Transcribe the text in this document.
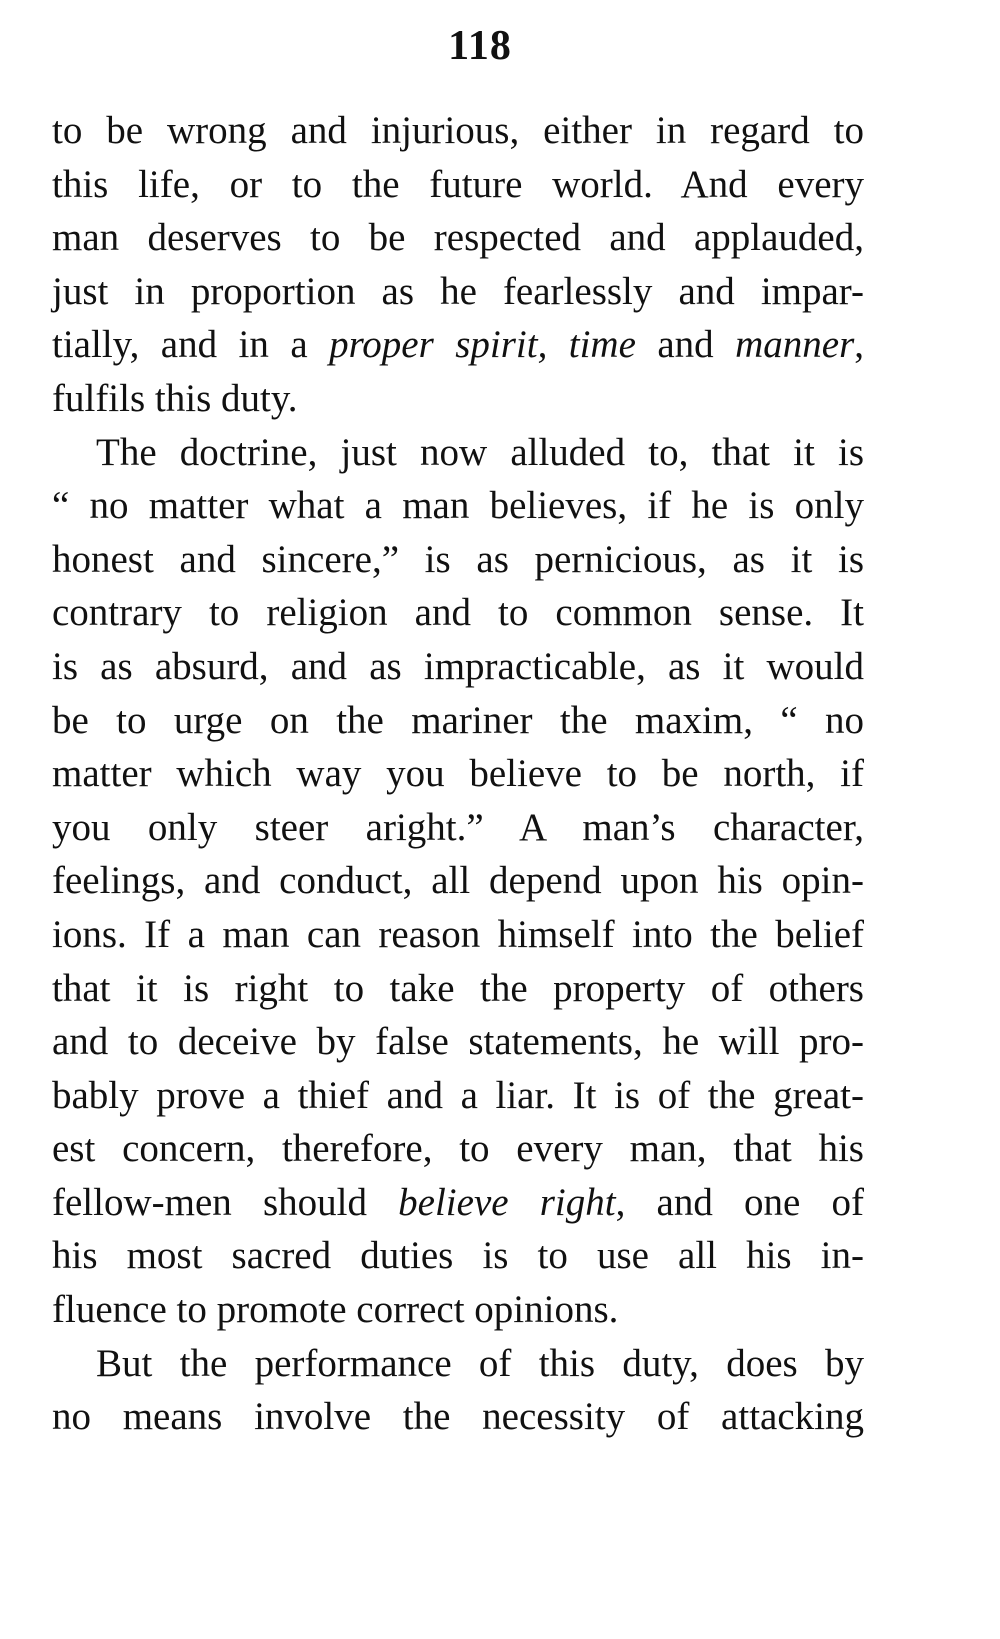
118
to be wrong and injurious, either in regard to
this life, or to the future world. And every
man deserves to be respected and applauded,
just in proportion as he fearlessly and impar-
tially, and in a proper spirit, time and manner,
fulfils this duty.
The doctrine, just now alluded to, that it is
“ no matter what a man believes, if he is only
honest and sincere,” is as pernicious, as it is
contrary to religion and to common sense. It
is as absurd, and as impracticable, as it would
be to urge on the mariner the maxim, “ no
matter which way you believe to be north, if
you only steer aright.” A man’s character,
feelings, and conduct, all depend upon his opin-
ions. If a man can reason himself into the belief
that it is right to take the property of others
and to deceive by false statements, he will pro-
bably prove a thief and a liar. It is of the great-
est concern, therefore, to every man, that his
fellow-men should believe right, and one of
his most sacred duties is to use all his in-
fluence to promote correct opinions.
But the performance of this duty, does by
no means involve the necessity of attacking
